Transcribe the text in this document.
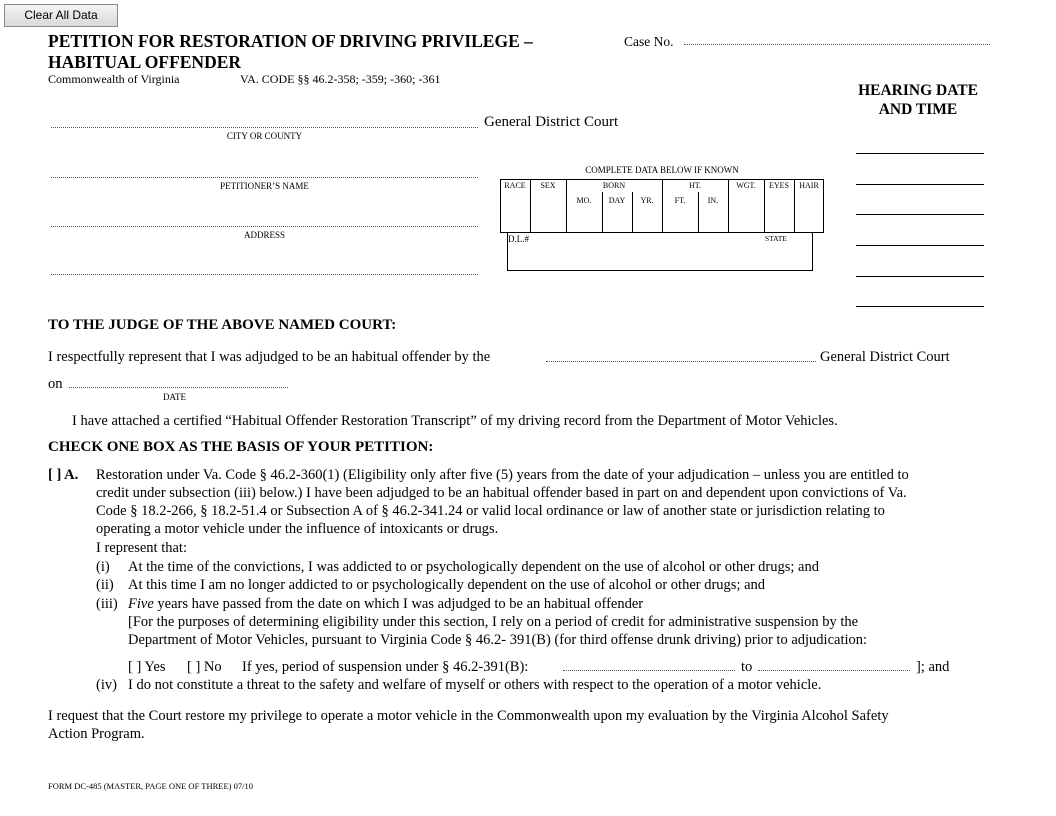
Clear All Data
PETITION FOR RESTORATION OF DRIVING PRIVILEGE –
HABITUAL OFFENDER
Commonwealth of Virginia	VA. CODE §§ 46.2-358; -359; -360; -361
Case No.
HEARING DATE
AND TIME
General District Court
CITY OR COUNTY
PETITIONER’S NAME
ADDRESS
COMPLETE DATA BELOW IF KNOWN
RACE	SEX	BORN	HT.	WGT.	EYES	HAIR
MO.	DAY	YR.	FT.	IN.
D.L.#	STATE
TO THE JUDGE OF THE ABOVE NAMED COURT:
I respectfully represent that I was adjudged to be an habitual offender by the	General District Court
on
DATE
I have attached a certified “Habitual Offender Restoration Transcript” of my driving record from the Department of Motor Vehicles.
CHECK ONE BOX AS THE BASIS OF YOUR PETITION:
[ ] A. Restoration under Va. Code § 46.2-360(1) (Eligibility only after five (5) years from the date of your adjudication – unless you are entitled to
credit under subsection (iii) below.) I have been adjudged to be an habitual offender based in part on and dependent upon convictions of Va.
Code § 18.2-266, § 18.2-51.4 or Subsection A of § 46.2-341.24 or valid local ordinance or law of another state or jurisdiction relating to
operating a motor vehicle under the influence of intoxicants or drugs.
I represent that:
(i) At the time of the convictions, I was addicted to or psychologically dependent on the use of alcohol or other drugs; and
(ii) At this time I am no longer addicted to or psychologically dependent on the use of alcohol or other drugs; and
(iii) Five years have passed from the date on which I was adjudged to be an habitual offender
[For the purposes of determining eligibility under this section, I rely on a period of credit for administrative suspension by the
Department of Motor Vehicles, pursuant to Virginia Code § 46.2- 391(B) (for third offense drunk driving) prior to adjudication:
[ ] Yes [ ] No If yes, period of suspension under § 46.2-391(B):	to	]; and
(iv) I do not constitute a threat to the safety and welfare of myself or others with respect to the operation of a motor vehicle.
I request that the Court restore my privilege to operate a motor vehicle in the Commonwealth upon my evaluation by the Virginia Alcohol Safety
Action Program.
FORM DC-485 (MASTER, PAGE ONE OF THREE) 07/10
